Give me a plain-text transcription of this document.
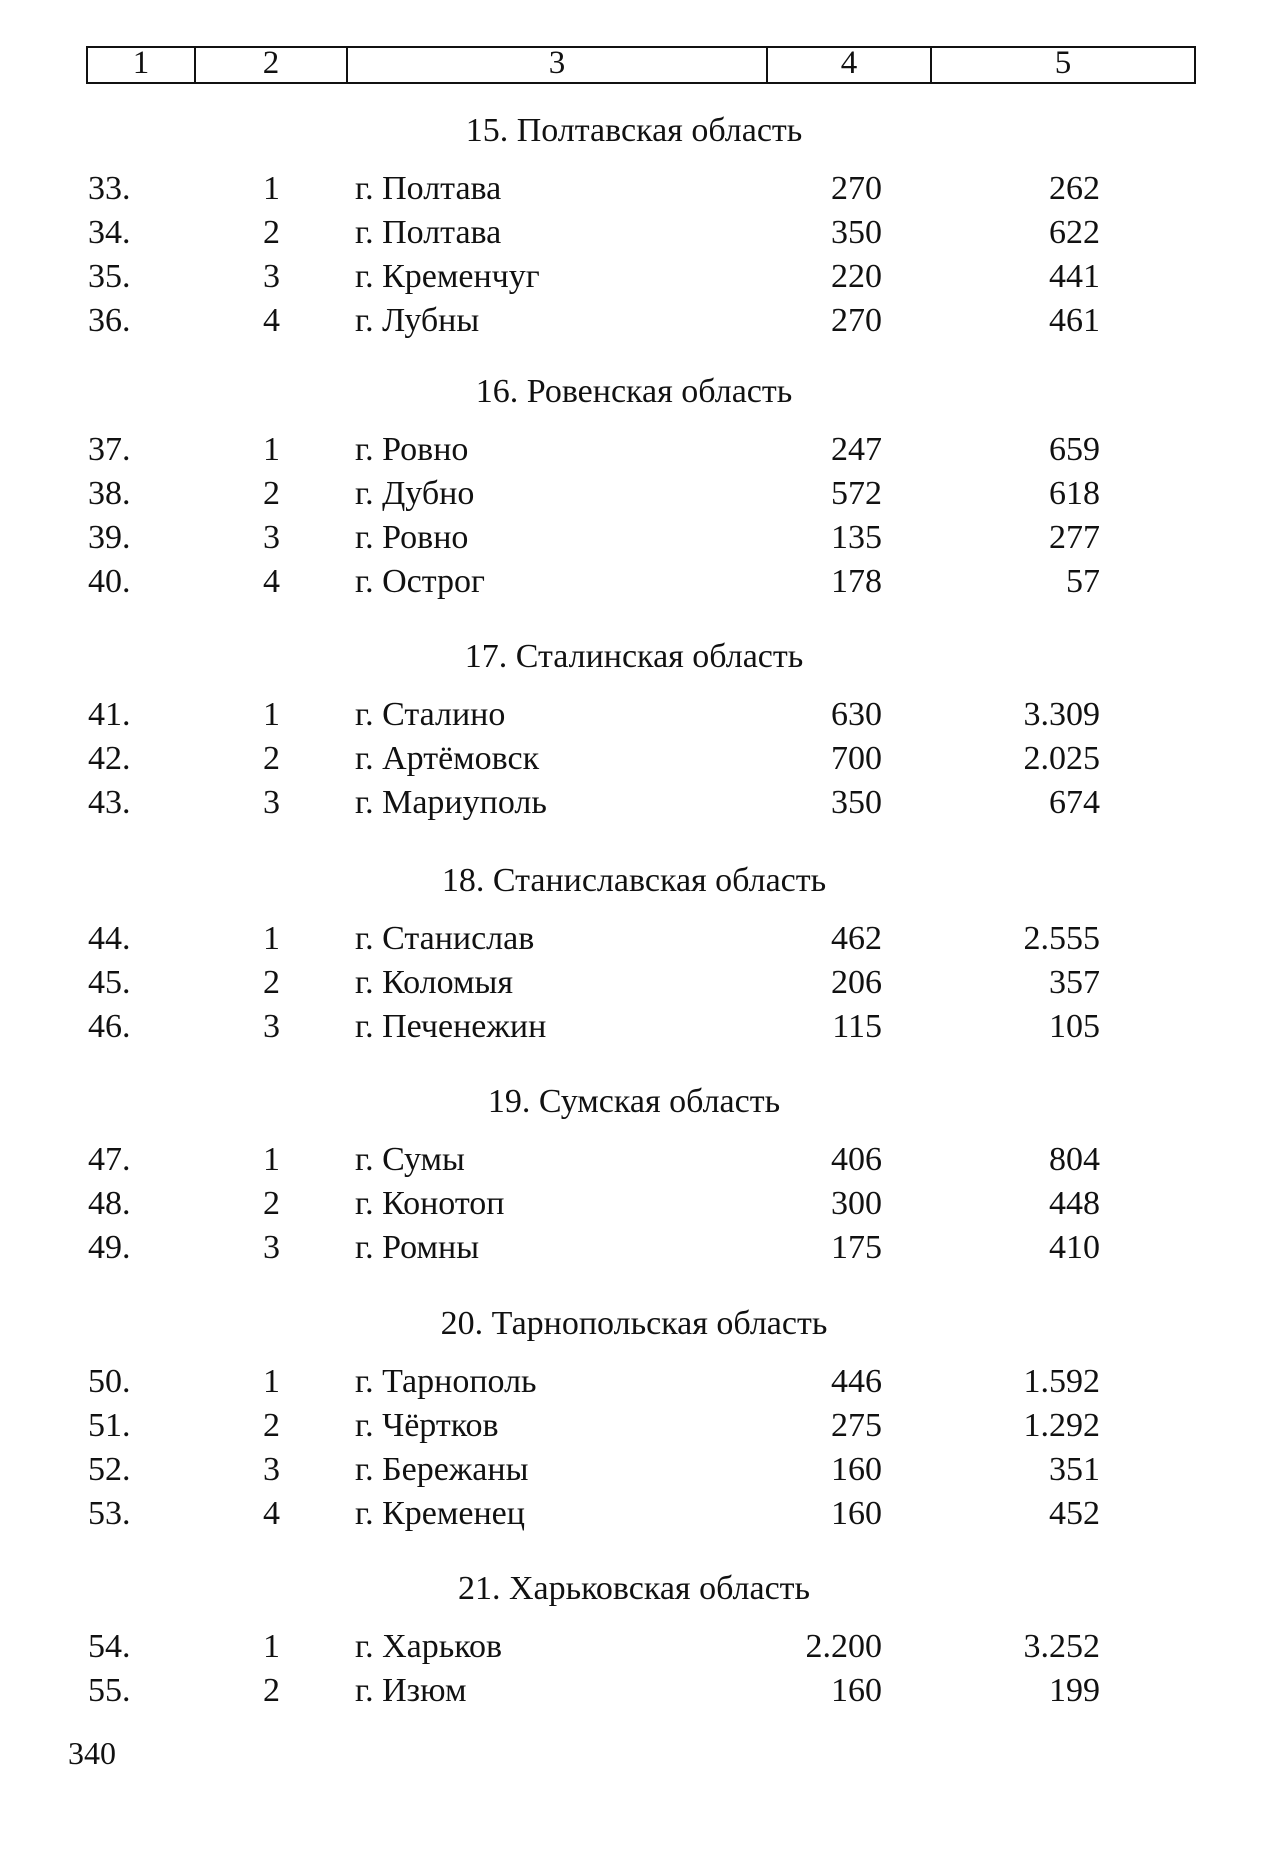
1	2	3	4	5
15. Полтавская область
33.	1 г. Полтава	270	262
34.	2 г. Полтава	350	622
35.	3 г. Кременчуг	220	441
36.	4 г. Лубны	270	461
16. Ровенская область
37.	1 г. Ровно	247	659
38.	2 г. Дубно	572	618
39.	3 г. Ровно	135	277
40.	4 г. Острог	178	57
17. Сталинская область
41.	1 г. Сталино	630	3.309
42.	2 г. Артёмовск	700	2.025
43.	3 г. Мариуполь	350	674
18. Станиславская область
44.	1 г. Станислав	462	2.555
45.	2 г. Коломыя	206	357
46.	3 г. Печенежин	115	105
19. Сумская область
47.	1 г. Сумы	406	804
48.	2 г. Конотоп	300	448
49.	3 г. Ромны	175	410
20. Тарнопольская область
50.	1 г. Тарнополь	446	1.592
51.	2 г. Чёртков	275	1.292
52.	3 г. Бережаны	160	351
53.	4 г. Кременец	160	452
21. Харьковская область
54.	1 г. Харьков	2.200	3.252
55.	2 г. Изюм	160	199
340
